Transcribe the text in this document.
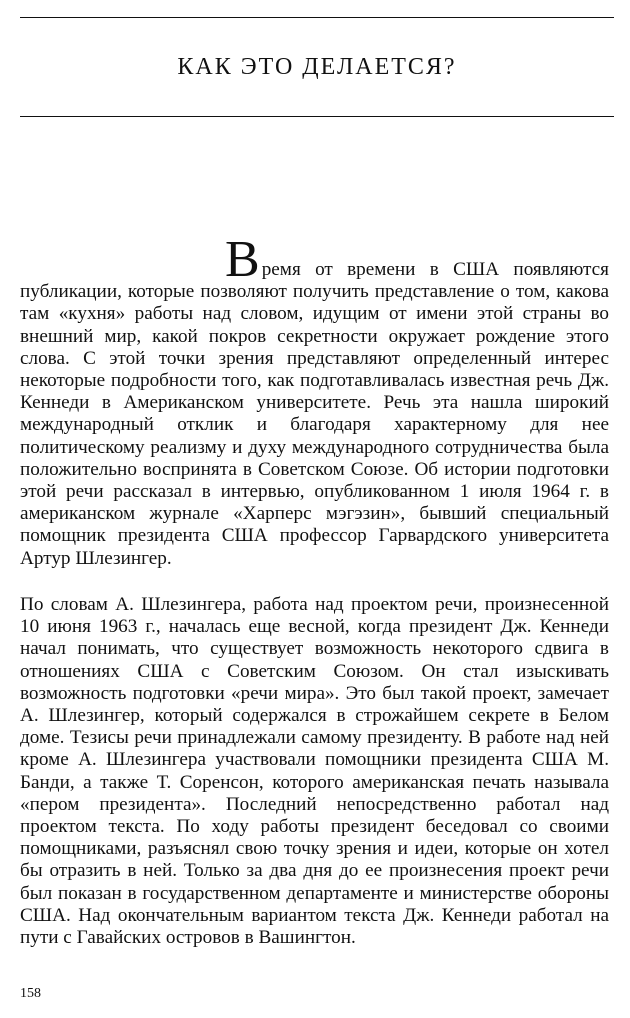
КАК ЭТО ДЕЛАЕТСЯ?

Время от времени в США появляются публикации, которые позволяют получить представление о том, какова там «кухня» работы над словом, идущим от имени этой страны во внешний мир, какой покров секретности окружает рождение этого слова. С этой точки зрения представляют определенный интерес некоторые подробности того, как подготавливалась известная речь Дж. Кеннеди в Американском университете. Речь эта нашла широкий международный отклик и благодаря характерному для нее политическому реализму и духу международного сотрудничества была положительно воспринята в Советском Союзе. Об истории подготовки этой речи рассказал в интервью, опубликованном 1 июля 1964 г. в американском журнале «Харперс мэгэзин», бывший специальный помощник президента США профессор Гарвардского университета Артур Шлезингер.

По словам А. Шлезингера, работа над проектом речи, произнесенной 10 июня 1963 г., началась еще весной, когда президент Дж. Кеннеди начал понимать, что существует возможность некоторого сдвига в отношениях США с Советским Союзом. Он стал изыскивать возможность подготовки «речи мира». Это был такой проект, замечает А. Шлезингер, который содержался в строжайшем секрете в Белом доме. Тезисы речи принадлежали самому президенту. В работе над ней кроме А. Шлезингера участвовали помощники президента США М. Банди, а также Т. Соренсон, которого американская печать называла «пером президента». Последний непосредственно работал над проектом текста. По ходу работы президент беседовал со своими помощниками, разъяснял свою точку зрения и идеи, которые он хотел бы отразить в ней. Только за два дня до ее произнесения проект речи был показан в государственном департаменте и министерстве обороны США. Над окончательным вариантом текста Дж. Кеннеди работал на пути с Гавайских островов в Вашингтон.

158
